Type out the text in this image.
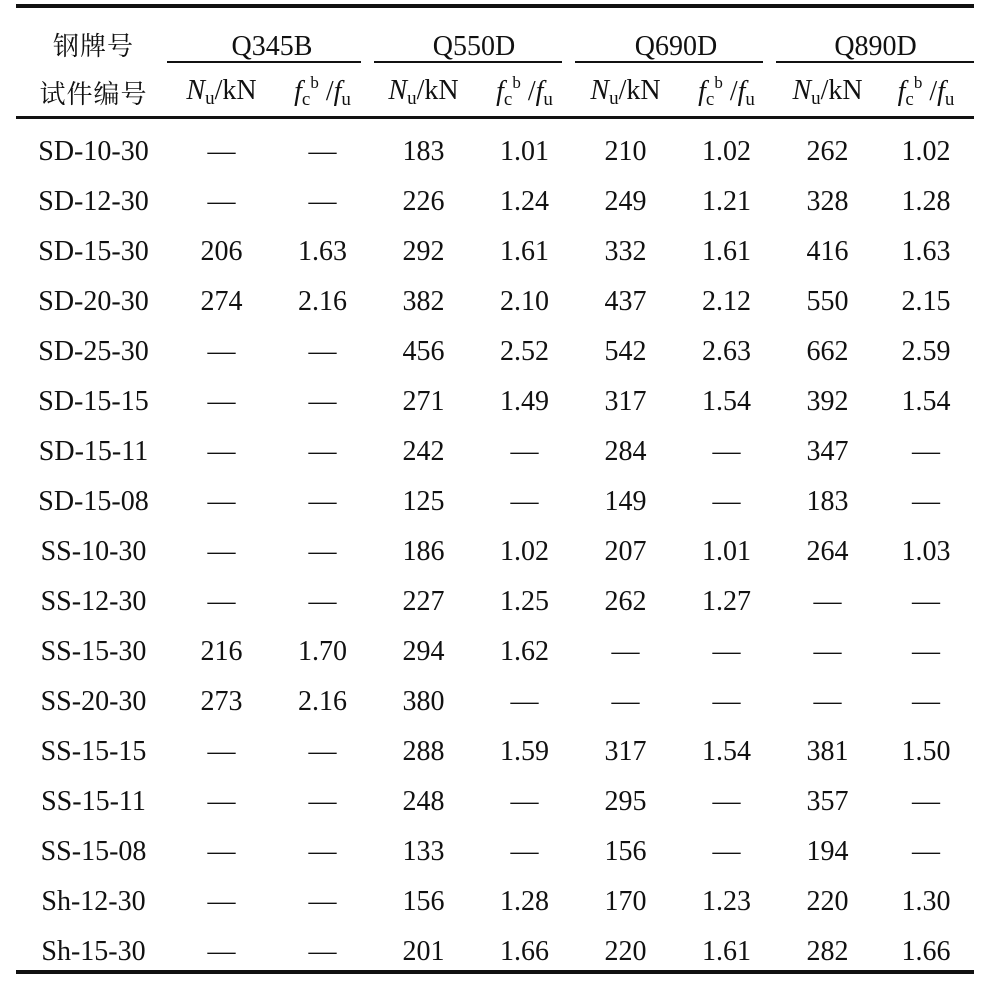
钢牌号	Q345B		Q550D		Q690D		Q890D	
试件编号	$N_u/kN$	$f_c^b$ $/f_u$	$N_u/kN$	$f_c^b$ $/f_u$	$N_u/kN$	$f_c^b$ $/f_u$	$N_u/kN$	$f_c^b$ $/f_u$
SD-10-30	—	—	183	1.01	210	1.02	262	1.02
SD-12-30	—	—	226	1.24	249	1.21	328	1.28
SD-15-30	206	1.63	292	1.61	332	1.61	416	1.63
SD-20-30	274	2.16	382	2.10	437	2.12	550	2.15
SD-25-30	—	—	456	2.52	542	2.63	662	2.59
SD-15-15	—	—	271	1.49	317	1.54	392	1.54
SD-15-11	—	—	242	—	284	—	347	—
SD-15-08	—	—	125	—	149	—	183	—
SS-10-30	—	—	186	1.02	207	1.01	264	1.03
SS-12-30	—	—	227	1.25	262	1.27	—	—
SS-15-30	216	1.70	294	1.62	—	—	—	—
SS-20-30	273	2.16	380	—	—	—	—	—
SS-15-15	—	—	288	1.59	317	1.54	381	1.50
SS-15-11	—	—	248	—	295	—	357	—
SS-15-08	—	—	133	—	156	—	194	—
Sh-12-30	—	—	156	1.28	170	1.23	220	1.30
Sh-15-30	—	—	201	1.66	220	1.61	282	1.66
